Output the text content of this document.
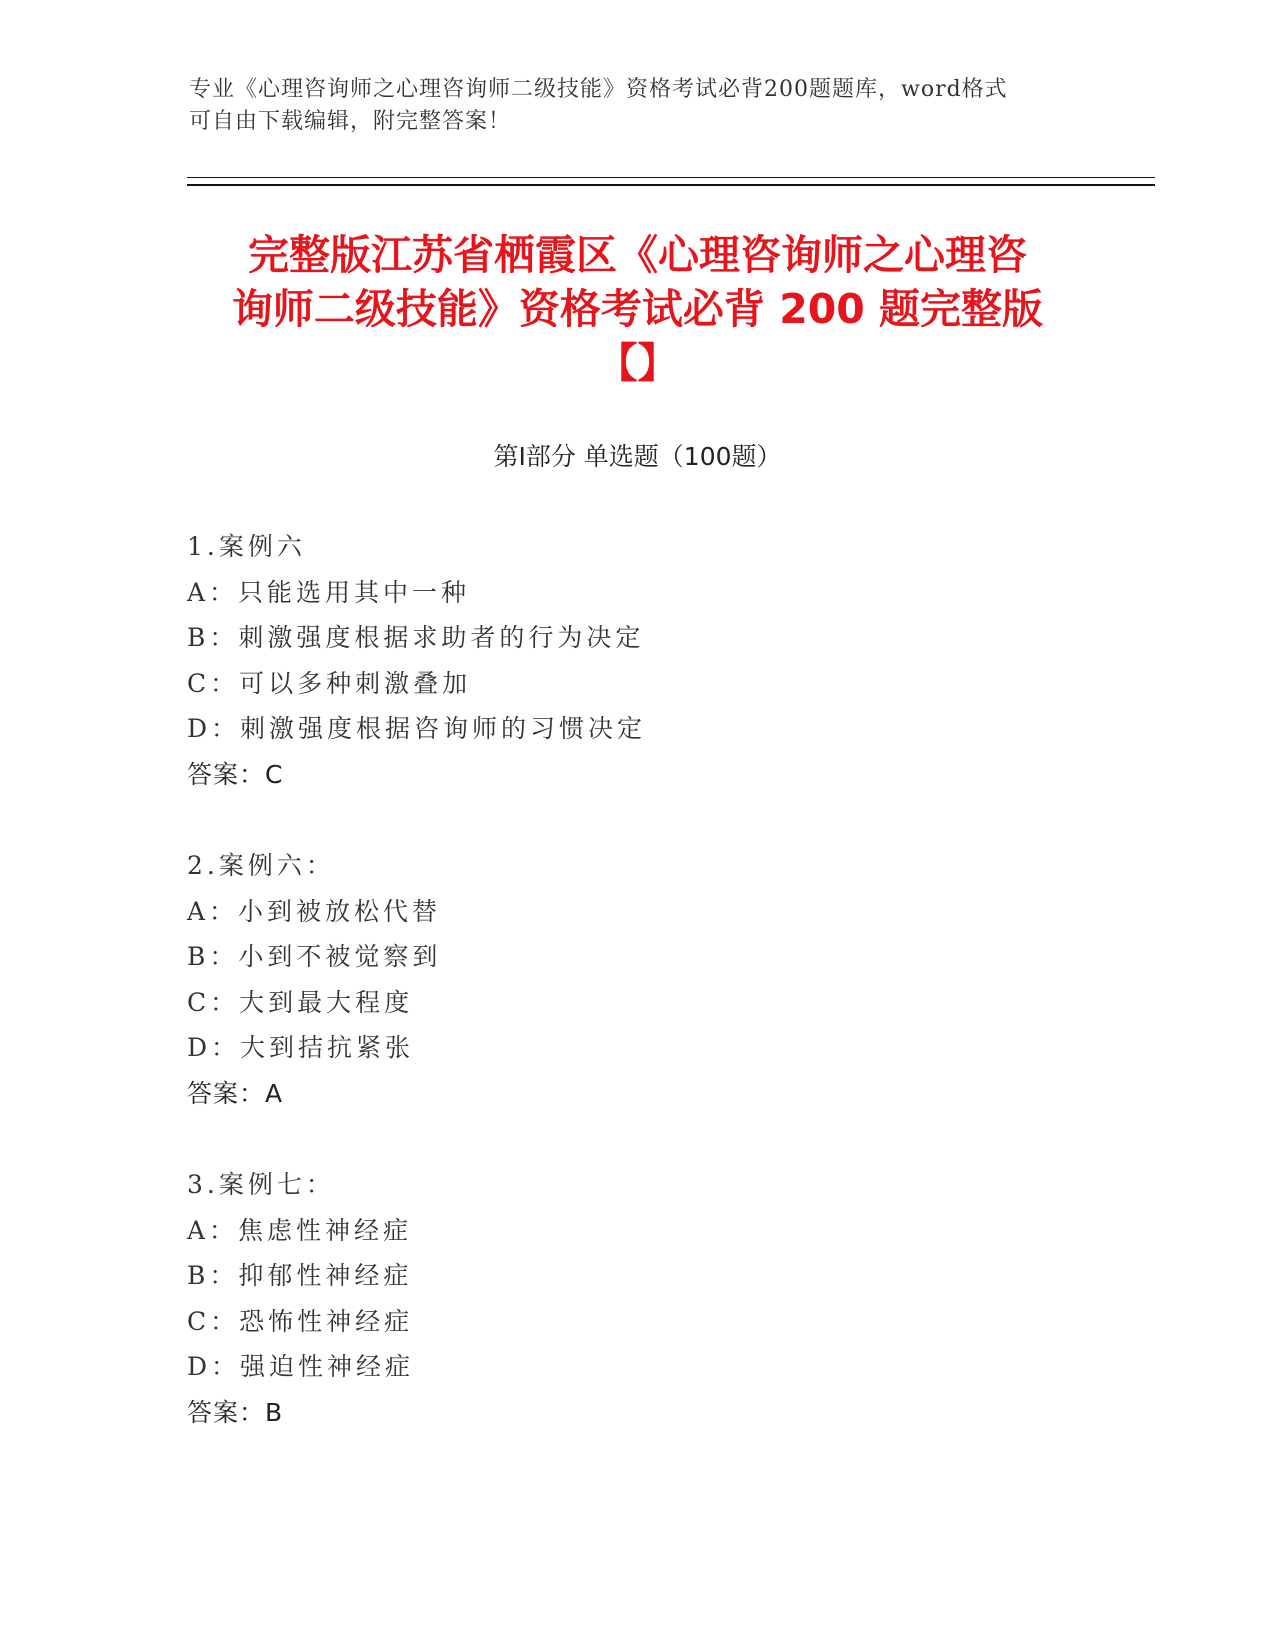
专业《心理咨询师之心理咨询师二级技能》资格考试必背200题题库，word格式
可自由下载编辑，附完整答案！
完整版江苏省栖霞区《心理咨询师之心理咨
询师二级技能》资格考试必背 200 题完整版
【】
第Ⅰ部分 单选题（100题）
1.案例六
A：只能选用其中一种
B：刺激强度根据求助者的行为决定
C：可以多种刺激叠加
D：刺激强度根据咨询师的习惯决定
答案：C
2.案例六：
A：小到被放松代替
B：小到不被觉察到
C：大到最大程度
D：大到拮抗紧张
答案：A
3.案例七：
A：焦虑性神经症
B：抑郁性神经症
C：恐怖性神经症
D：强迫性神经症
答案：B
